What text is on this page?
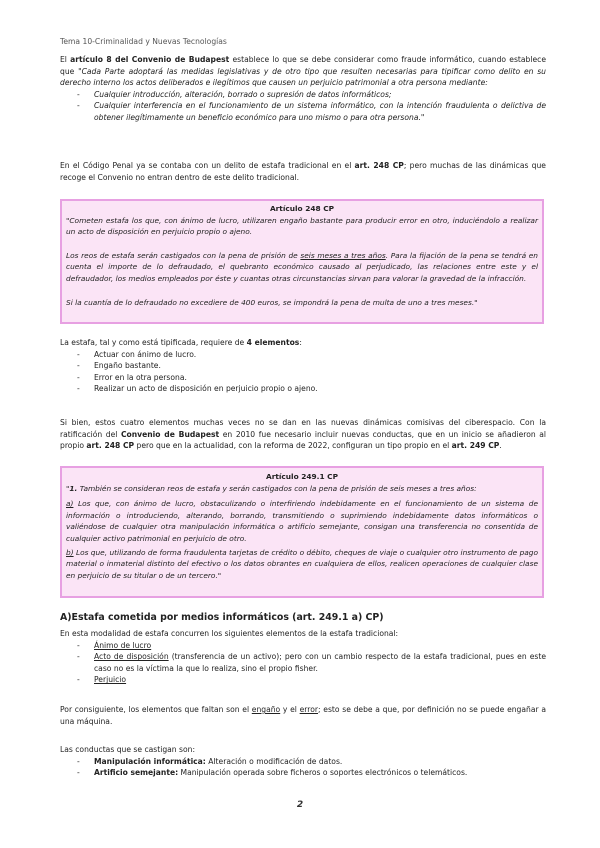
Tema 10-Criminalidad y Nuevas Tecnologías
El artículo 8 del Convenio de Budapest establece lo que se debe considerar como fraude informático, cuando establece que "Cada Parte adoptará las medidas legislativas y de otro tipo que resulten necesarias para tipificar como delito en su derecho interno los actos deliberados e ilegítimos que causen un perjuicio patrimonial a otra persona mediante:
- Cualquier introducción, alteración, borrado o supresión de datos informáticos;
- Cualquier interferencia en el funcionamiento de un sistema informático, con la intención fraudulenta o delictiva de obtener ilegítimamente un beneficio económico para uno mismo o para otra persona."
En el Código Penal ya se contaba con un delito de estafa tradicional en el art. 248 CP; pero muchas de las dinámicas que recoge el Convenio no entran dentro de este delito tradicional.
Artículo 248 CP

"Cometen estafa los que, con ánimo de lucro, utilizaren engaño bastante para producir error en otro, induciéndolo a realizar un acto de disposición en perjuicio propio o ajeno.

Los reos de estafa serán castigados con la pena de prisión de seis meses a tres años. Para la fijación de la pena se tendrá en cuenta el importe de lo defraudado, el quebranto económico causado al perjudicado, las relaciones entre este y el defraudador, los medios empleados por éste y cuantas otras circunstancias sirvan para valorar la gravedad de la infracción.

Si la cuantía de lo defraudado no excediere de 400 euros, se impondrá la pena de multa de uno a tres meses."

La estafa, tal y como está tipificada, requiere de 4 elementos:
- Actuar con ánimo de lucro.
- Engaño bastante.
- Error en la otra persona.
- Realizar un acto de disposición en perjuicio propio o ajeno.
Si bien, estos cuatro elementos muchas veces no se dan en las nuevas dinámicas comisivas del ciberespacio. Con la ratificación del Convenio de Budapest en 2010 fue necesario incluir nuevas conductas, que en un inicio se añadieron al propio art. 248 CP pero que en la actualidad, con la reforma de 2022, configuran un tipo propio en el art. 249 CP.
Artículo 249.1 CP

"1. También se consideran reos de estafa y serán castigados con la pena de prisión de seis meses a tres años:

a) Los que, con ánimo de lucro, obstaculizando o interfiriendo indebidamente en el funcionamiento de un sistema de información o introduciendo, alterando, borrando, transmitiendo o suprimiendo indebidamente datos informáticos o valiéndose de cualquier otra manipulación informática o artificio semejante, consigan una transferencia no consentida de cualquier activo patrimonial en perjuicio de otro.

b) Los que, utilizando de forma fraudulenta tarjetas de crédito o débito, cheques de viaje o cualquier otro instrumento de pago material o inmaterial distinto del efectivo o los datos obrantes en cualquiera de ellos, realicen operaciones de cualquier clase en perjuicio de su titular o de un tercero."

A)Estafa cometida por medios informáticos (art. 249.1 a) CP)
En esta modalidad de estafa concurren los siguientes elementos de la estafa tradicional:
- Ánimo de lucro
- Acto de disposición (transferencia de un activo); pero con un cambio respecto de la estafa tradicional, pues en este caso no es la víctima la que lo realiza, sino el propio fisher.
- Perjuicio
Por consiguiente, los elementos que faltan son el engaño y el error; esto se debe a que, por definición no se puede engañar a una máquina.
Las conductas que se castigan son:
- Manipulación informática: Alteración o modificación de datos.
- Artificio semejante: Manipulación operada sobre ficheros o soportes electrónicos o telemáticos.
2
